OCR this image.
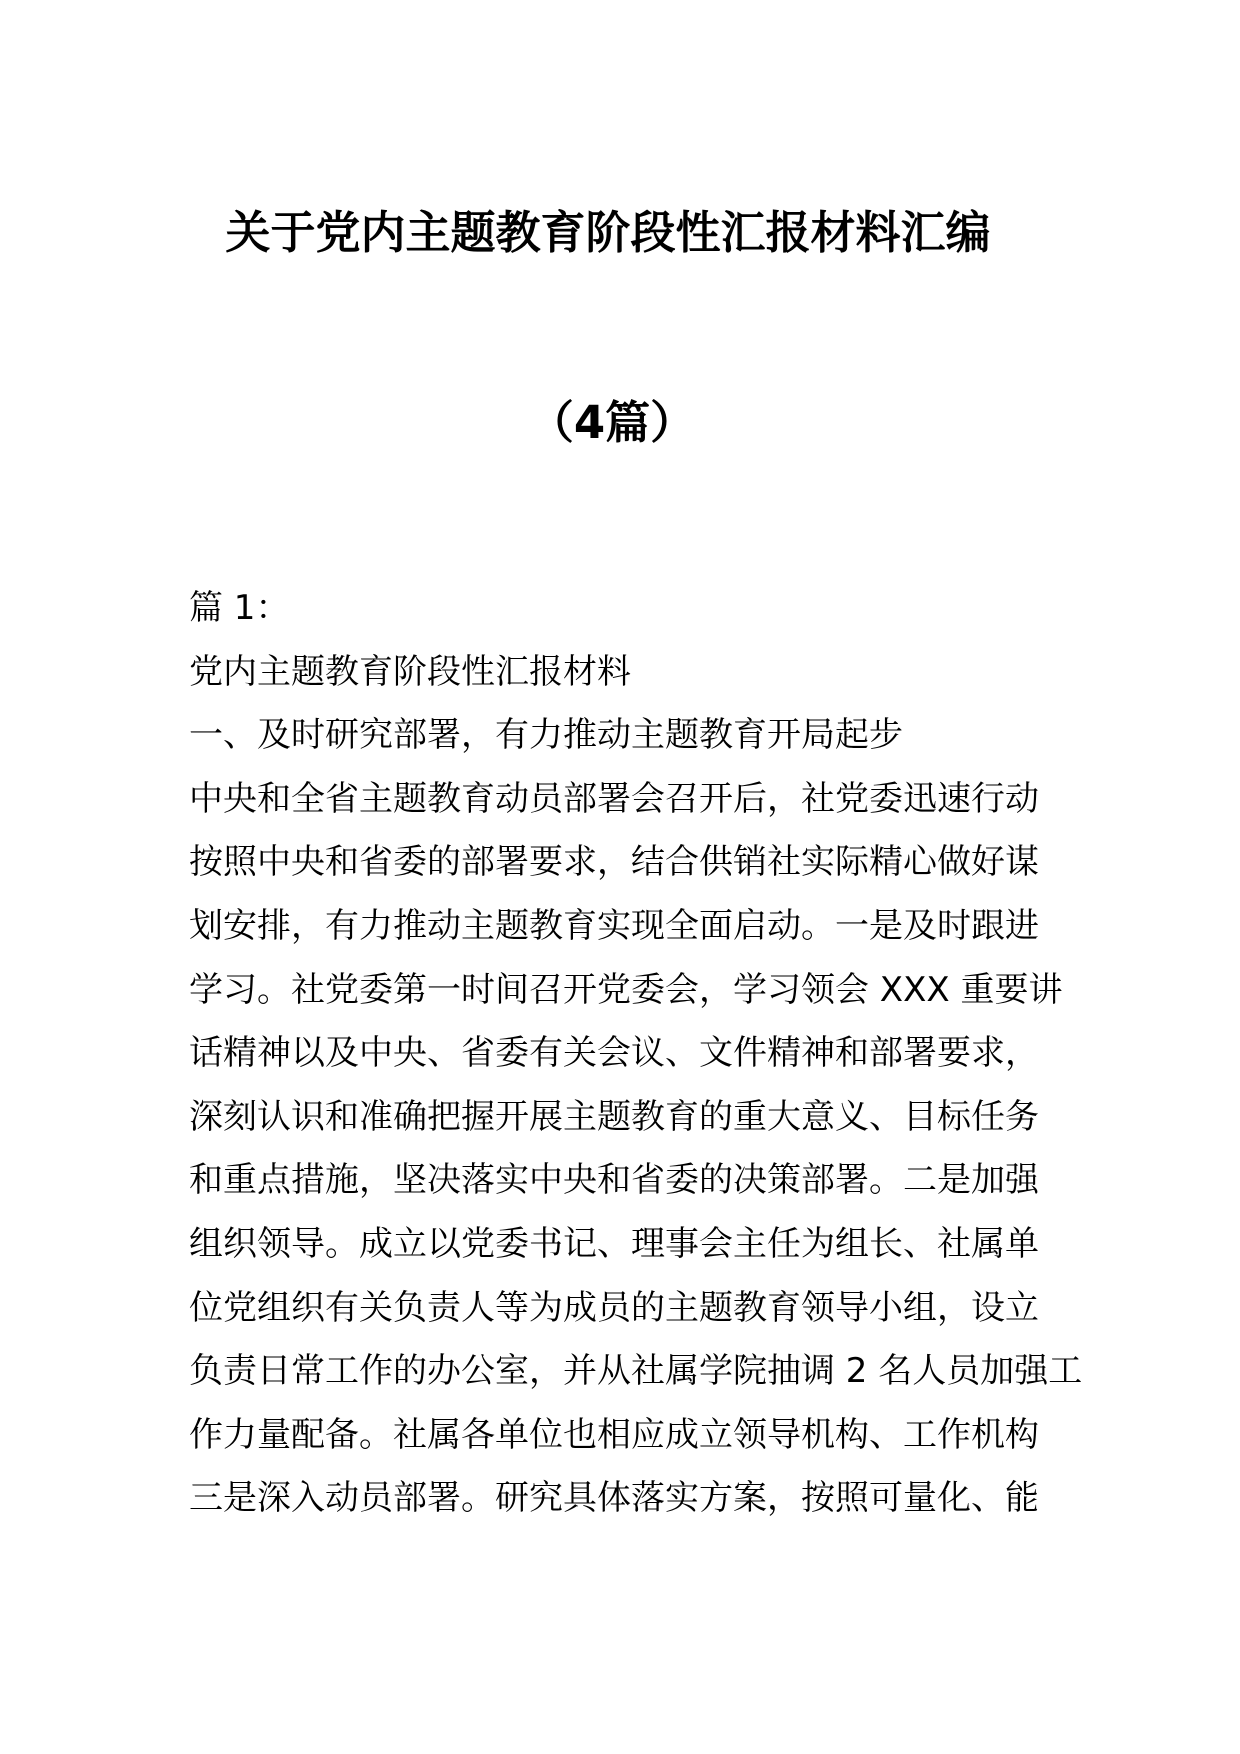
关于党内主题教育阶段性汇报材料汇编
（4篇）
篇 1：
党内主题教育阶段性汇报材料
一、及时研究部署，有力推动主题教育开局起步
中央和全省主题教育动员部署会召开后，社党委迅速行动
按照中央和省委的部署要求，结合供销社实际精心做好谋
划安排，有力推动主题教育实现全面启动。一是及时跟进
学习。社党委第一时间召开党委会，学习领会 XXX 重要讲
话精神以及中央、省委有关会议、文件精神和部署要求，
深刻认识和准确把握开展主题教育的重大意义、目标任务
和重点措施，坚决落实中央和省委的决策部署。二是加强
组织领导。成立以党委书记、理事会主任为组长、社属单
位党组织有关负责人等为成员的主题教育领导小组，设立
负责日常工作的办公室，并从社属学院抽调 2 名人员加强工
作力量配备。社属各单位也相应成立领导机构、工作机构
三是深入动员部署。研究具体落实方案，按照可量化、能
